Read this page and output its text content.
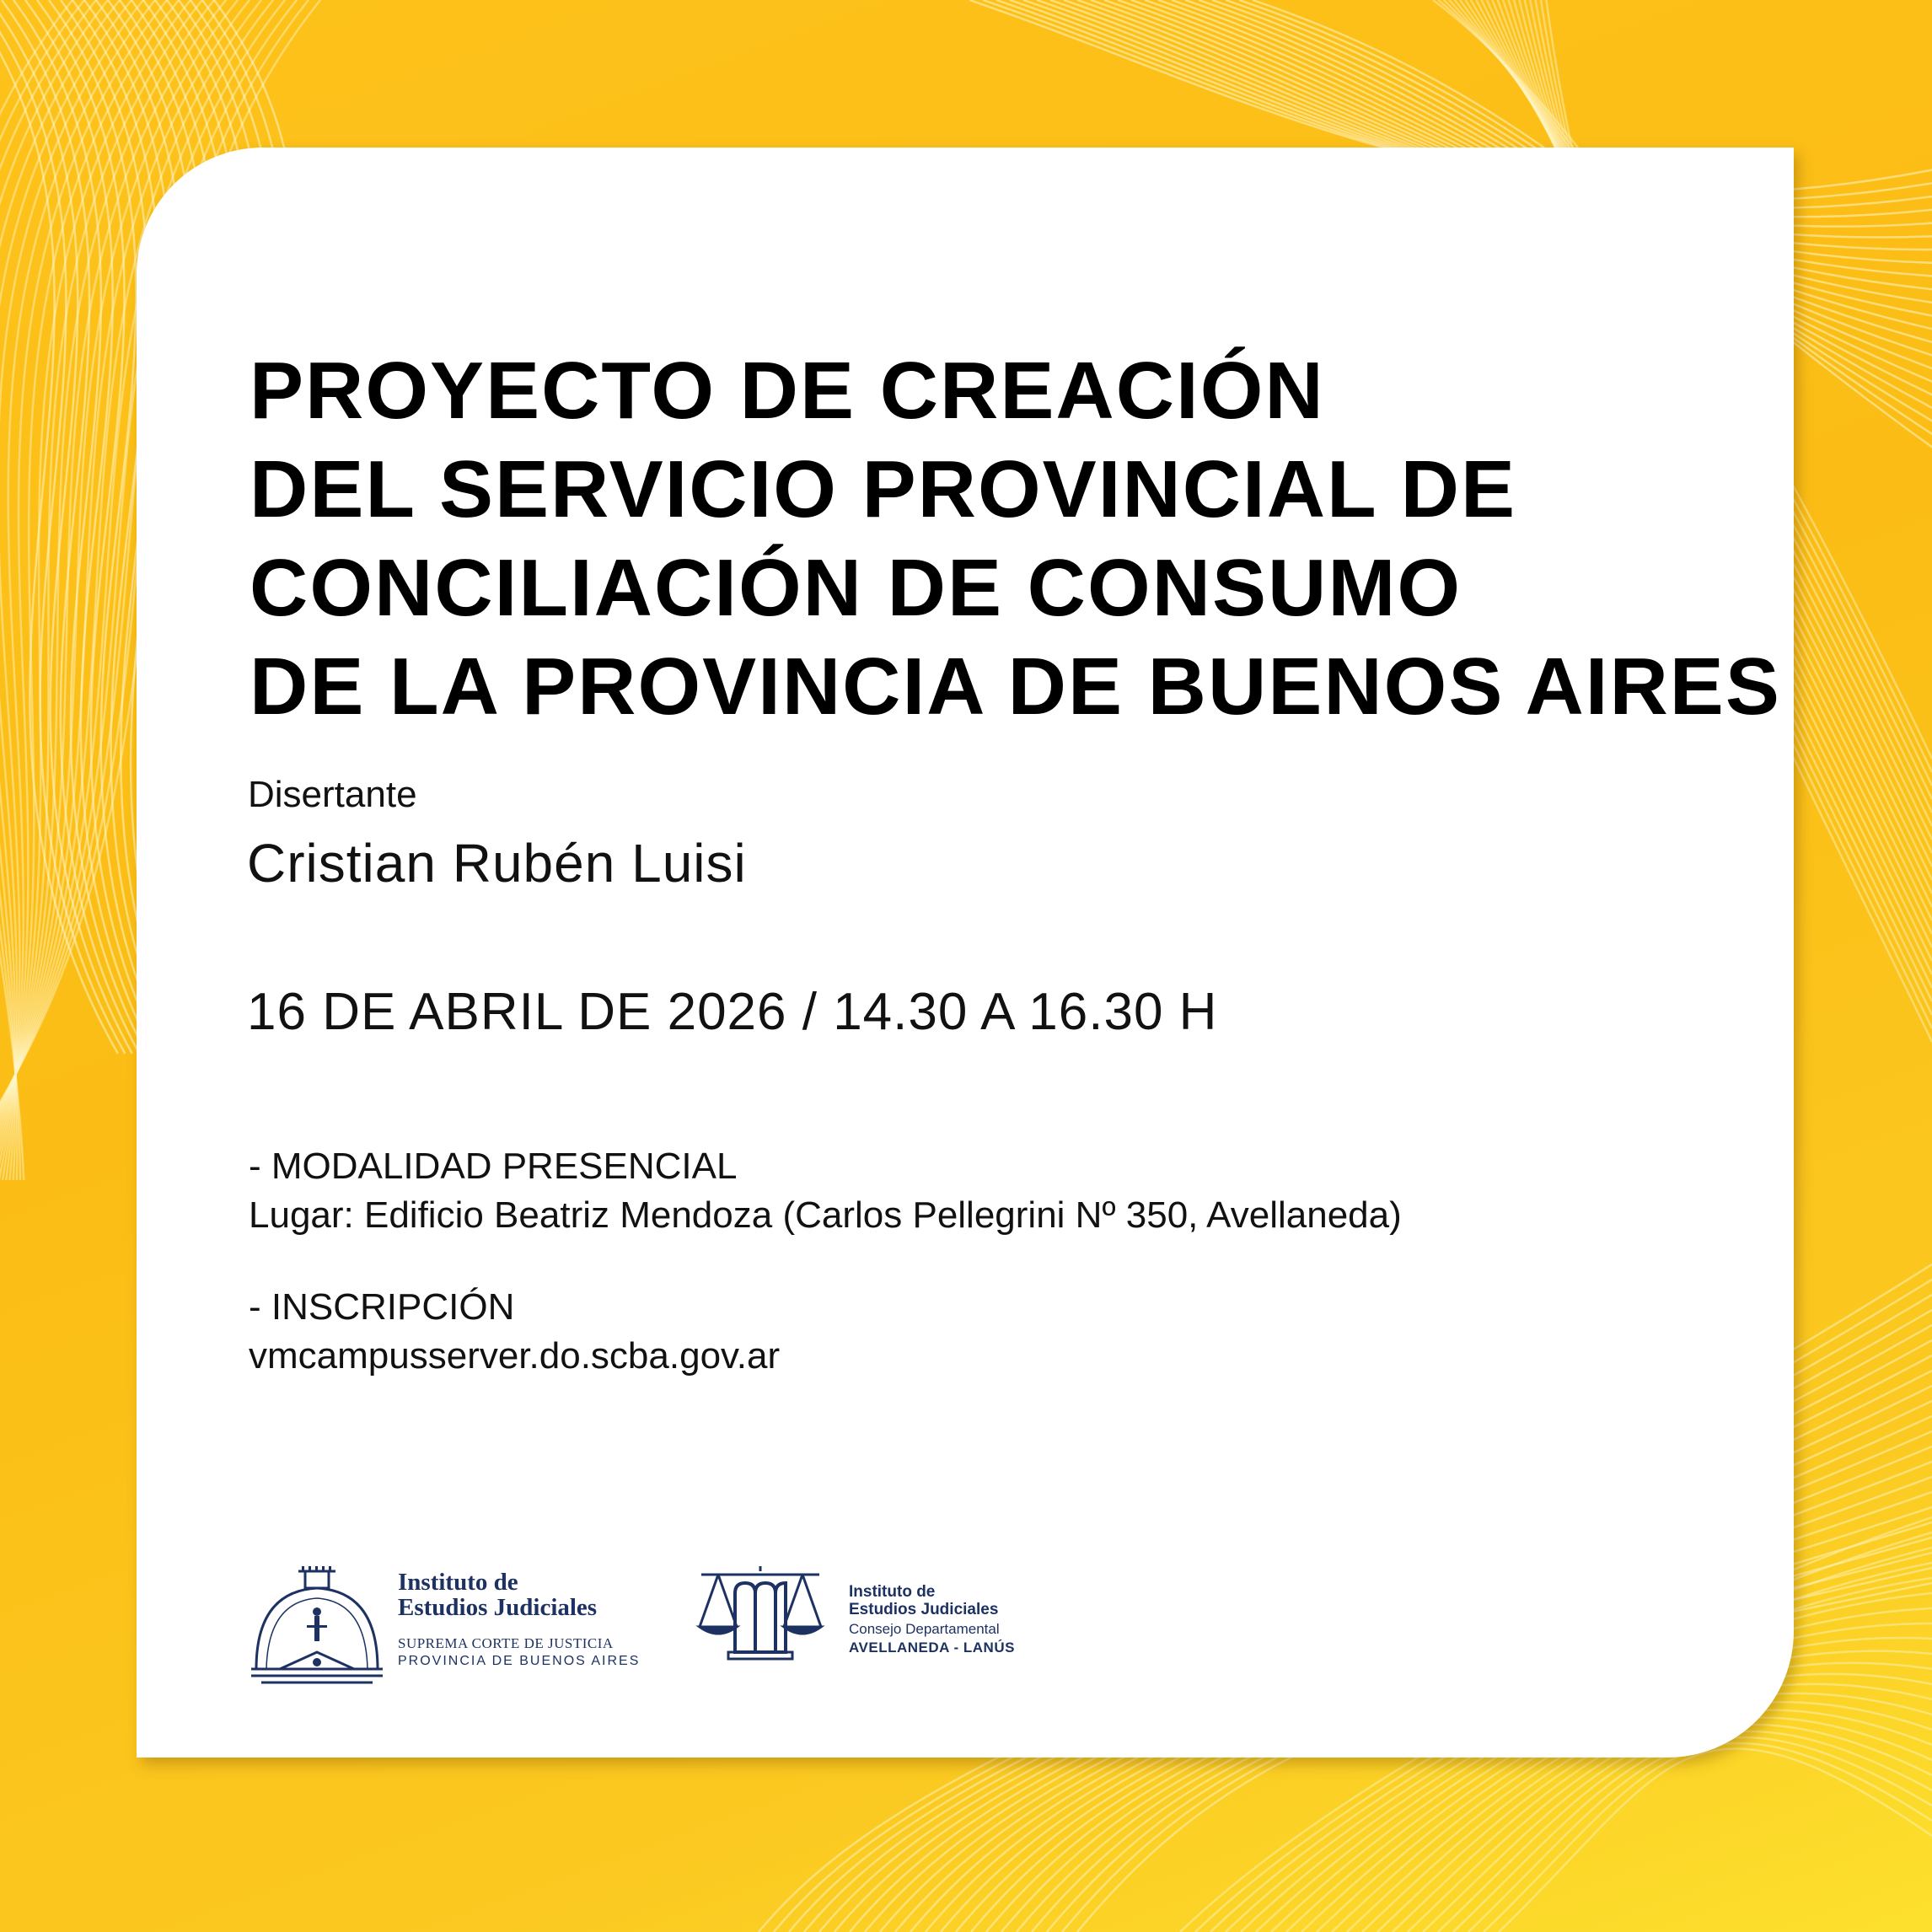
PROYECTO DE CREACIÓN
DEL SERVICIO PROVINCIAL DE
CONCILIACIÓN DE CONSUMO
DE LA PROVINCIA DE BUENOS AIRES
Disertante
Cristian Rubén Luisi
16 DE ABRIL DE 2026 / 14.30 A 16.30 H
- MODALIDAD PRESENCIAL
Lugar: Edificio Beatriz Mendoza (Carlos Pellegrini Nº 350, Avellaneda)
- INSCRIPCIÓN
vmcampusserver.do.scba.gov.ar
Instituto de
Estudios Judiciales
SUPREMA CORTE DE JUSTICIA
PROVINCIA DE BUENOS AIRES
Instituto de
Estudios Judiciales
Consejo Departamental
AVELLANEDA - LANÚS
